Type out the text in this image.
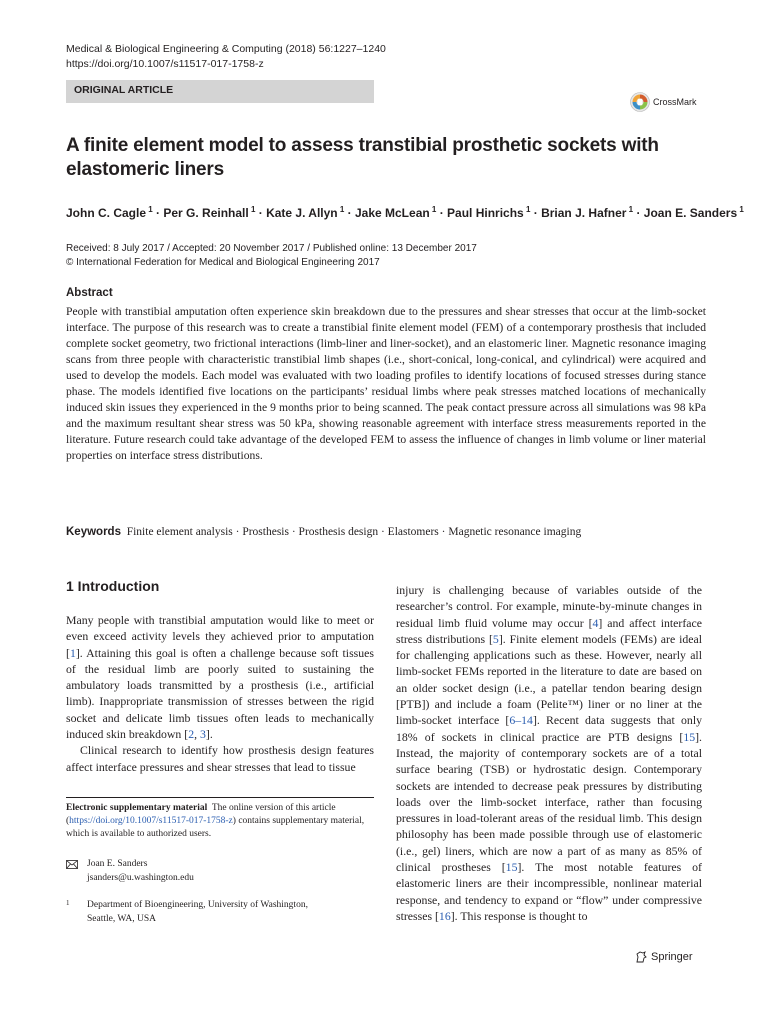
Medical & Biological Engineering & Computing (2018) 56:1227–1240
https://doi.org/10.1007/s11517-017-1758-z
ORIGINAL ARTICLE
CrossMark
A finite element model to assess transtibial prosthetic sockets with elastomeric liners
John C. Cagle $^1$ · Per G. Reinhall $^1$ · Kate J. Allyn $^1$ · Jake McLean $^1$ · Paul Hinrichs $^1$ · Brian J. Hafner $^1$ · Joan E. Sanders $^1$
Received: 8 July 2017 / Accepted: 20 November 2017 / Published online: 13 December 2017
© International Federation for Medical and Biological Engineering 2017
Abstract
People with transtibial amputation often experience skin breakdown due to the pressures and shear stresses that occur at the limb-socket interface. The purpose of this research was to create a transtibial finite element model (FEM) of a contemporary prosthesis that included complete socket geometry, two frictional interactions (limb-liner and liner-socket), and an elastomeric liner. Magnetic resonance imaging scans from three people with characteristic transtibial limb shapes (i.e., short-conical, long-conical, and cylindrical) were acquired and used to develop the models. Each model was evaluated with two loading profiles to identify locations of focused stresses during stance phase. The models identified five locations on the participants’ residual limbs where peak stresses matched locations of mechanically induced skin issues they experienced in the 9 months prior to being scanned. The peak contact pressure across all simulations was 98 kPa and the maximum resultant shear stress was 50 kPa, showing reasonable agreement with interface stress measurements reported in the literature. Future research could take advantage of the developed FEM to assess the influence of changes in limb volume or liner material properties on interface stress distributions.
Keywords Finite element analysis · Prosthesis · Prosthesis design · Elastomers · Magnetic resonance imaging
1 Introduction

Many people with transtibial amputation would like to meet or even exceed activity levels they achieved prior to amputation [1]. Attaining this goal is often a challenge because soft tissues of the residual limb are poorly suited to sustaining the ambulatory loads transmitted by a prosthesis (i.e., artificial limb). Inappropriate transmission of stresses between the rigid socket and delicate limb tissues often leads to mechanically induced skin breakdown [2, 3].

Clinical research to identify how prosthesis design features affect interface pressures and shear stresses that lead to tissue

injury is challenging because of variables outside of the researcher’s control. For example, minute-by-minute changes in residual limb fluid volume may occur [4] and affect interface stress distributions [5]. Finite element models (FEMs) are ideal for challenging applications such as these. However, nearly all limb-socket FEMs reported in the literature to date are based on an older socket design (i.e., a patellar tendon bearing design [PTB]) and include a foam (Pelite™) liner or no liner at the limb-socket interface [6–14]. Recent data suggests that only 18% of sockets in clinical practice are PTB designs [15]. Instead, the majority of contemporary sockets are of a total surface bearing (TSB) or hydrostatic design. Contemporary sockets are intended to decrease peak pressures by distributing loads over the limb-socket interface, rather than focusing pressures in load-tolerant areas of the residual limb. This design philosophy has been made possible through use of elastomeric (i.e., gel) liners, which are now a part of as many as 85% of clinical prostheses [15]. The most notable features of elastomeric liners are their incompressible, nonlinear material response, and tendency to expand or “flow” under compressive stresses [16]. This response is thought to

Electronic supplementary material The online version of this article (https://doi.org/10.1007/s11517-017-1758-z) contains supplementary material, which is available to authorized users.
Joan E. Sanders
jsanders@u.washington.edu
1 Department of Bioengineering, University of Washington,
Seattle, WA, USA
Springer
